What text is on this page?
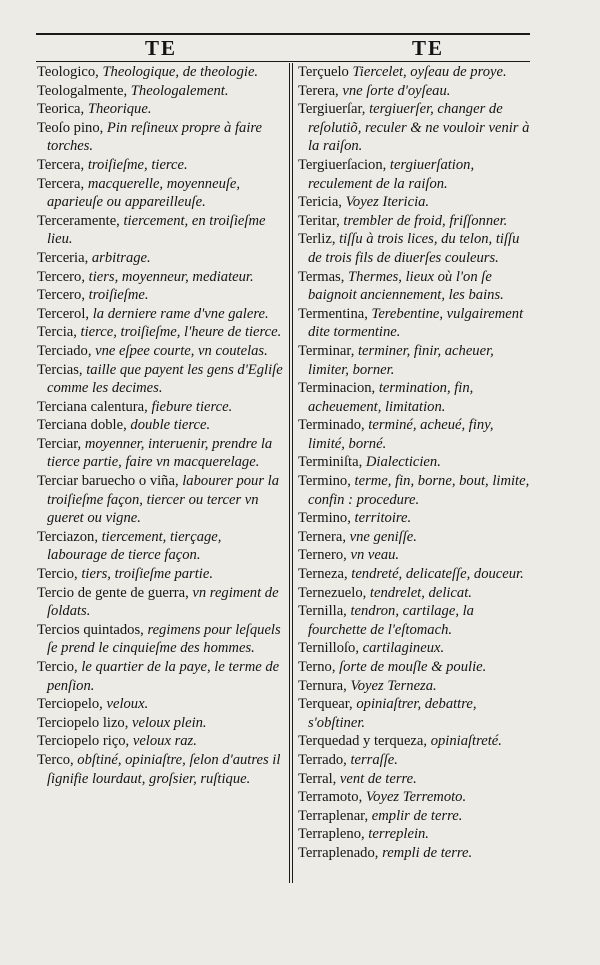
TE	TE

Teologico, Theologique, de theologie.

Teologalmente, Theologalement.

Teorica, Theorique.

Teoſo pino, Pin reſineux propre à faire torches.

Tercera, troiſieſme, tierce.

Tercera, macquerelle, moyenneuſe, aparieuſe ou appareilleuſe.

Terceramente, tiercement, en troiſieſme lieu.

Terceria, arbitrage.

Tercero, tiers, moyenneur, mediateur.

Tercero, troiſieſme.

Tercerol, la derniere rame d'vne galere.

Tercia, tierce, troiſieſme, l'heure de tierce.

Terciado, vne eſpee courte, vn coutelas.

Tercias, taille que payent les gens d'Egliſe comme les decimes.

Terciana calentura, fiebure tierce.

Terciana doble, double tierce.

Terciar, moyenner, interuenir, prendre la tierce partie, faire vn macquerelage.

Terciar baruecho o viña, labourer pour la troiſieſme façon, tiercer ou tercer vn gueret ou vigne.

Terciazon, tiercement, tierçage, labourage de tierce façon.

Tercio, tiers, troiſieſme partie.

Tercio de gente de guerra, vn regiment de ſoldats.

Tercios quintados, regimens pour leſquels ſe prend le cinquieſme des hommes.

Tercio, le quartier de la paye, le terme de penſion.

Terciopelo, veloux.

Terciopelo lizo, veloux plein.

Terciopelo riço, veloux raz.

Terco, obſtiné, opiniaſtre, ſelon d'autres il ſignifie lourdaut, groſsier, ruſtique.

Terçuelo Tiercelet, oyſeau de proye.

Terera, vne ſorte d'oyſeau.

Tergiuerſar, tergiuerſer, changer de reſolutiõ, reculer & ne vouloir venir à la raiſon.

Tergiuerſacion, tergiuerſation, reculement de la raiſon.

Tericia, Voyez Itericia.

Teritar, trembler de froid, friſſonner.

Terliz, tiſſu à trois lices, du telon, tiſſu de trois fils de diuerſes couleurs.

Termas, Thermes, lieux où l'on ſe baignoit anciennement, les bains.

Termentina, Terebentine, vulgairement dite tormentine.

Terminar, terminer, finir, acheuer, limiter, borner.

Terminacion, termination, fin, acheuement, limitation.

Terminado, terminé, acheué, finy, limité, borné.

Terminiſta, Dialecticien.

Termino, terme, fin, borne, bout, limite, confin : procedure.

Termino, territoire.

Ternera, vne geniſſe.

Ternero, vn veau.

Terneza, tendreté, delicateſſe, douceur.

Ternezuelo, tendrelet, delicat.

Ternilla, tendron, cartilage, la fourchette de l'eſtomach.

Ternilloſo, cartilagineux.

Terno, ſorte de mouſle & poulie.

Ternura, Voyez Terneza.

Terquear, opiniaſtrer, debattre, s'obſtiner.

Terquedad y terqueza, opiniaſtreté.

Terrado, terraſſe.

Terral, vent de terre.

Terramoto, Voyez Terremoto.

Terraplenar, emplir de terre.

Terrapleno, terreplein.

Terraplenado, rempli de terre.
